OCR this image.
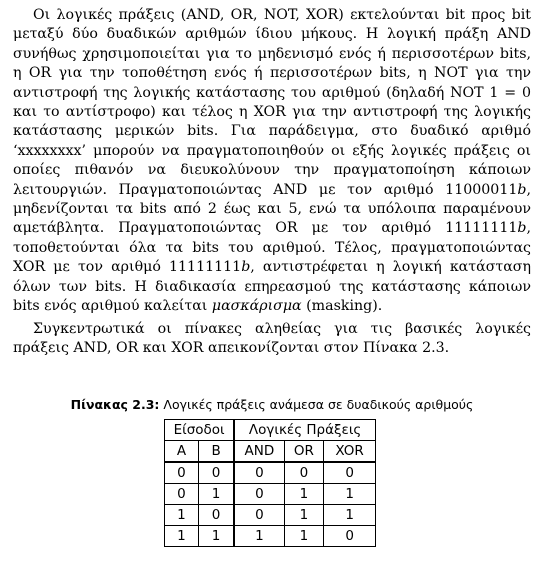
Οι λογικές πράξεις (AND, OR, NOT, XOR) εκτελούνται bit προς bit μεταξύ δύο δυαδικών αριθμών ίδιου μήκους. Η λογική πράξη AND συνήθως χρησιμοποιείται για το μηδενισμό ενός ή περισσοτέρων bits, η OR για την τοποθέτηση ενός ή περισσοτέρων bits, η NOT για την αντιστροφή της λογικής κατάστασης του αριθμού (δηλαδή NOT 1 = 0 και το αντίστροφο) και τέλος η XOR για την αντιστροφή της λογικής κατάστασης μερικών bits. Για παράδειγμα, στο δυαδικό αριθμό ‘xxxxxxxx’ μπορούν να πραγματοποιηθούν οι εξής λογικές πράξεις οι οποίες πιθανόν να διευκολύνουν την πραγματοποίηση κάποιων λειτουργιών. Πραγματοποιώντας AND με τον αριθμό 11000011b, μηδενίζονται τα bits από 2 έως και 5, ενώ τα υπόλοιπα παραμένουν αμετάβλητα. Πραγματοποιώντας OR με τον αριθμό 11111111b, τοποθετούνται όλα τα bits του αριθμού. Τέλος, πραγματοποιώντας XOR με τον αριθμό 11111111b, αντιστρέφεται η λογική κατάσταση όλων των bits. Η διαδικασία επηρεασμού της κατάστασης κάποιων bits ενός αριθμού καλείται μασκάρισμα (masking).

Συγκεντρωτικά οι πίνακες αληθείας για τις βασικές λογικές πράξεις AND, OR και XOR απεικονίζονται στον Πίνακα 2.3.

Πίνακας 2.3: Λογικές πράξεις ανάμεσα σε δυαδικούς αριθμούς
Είσοδοι		Λογικές Πράξεις		
A	B	AND	OR	XOR
0	0	0	0	0
0	1	0	1	1
1	0	0	1	1
1	1	1	1	0
